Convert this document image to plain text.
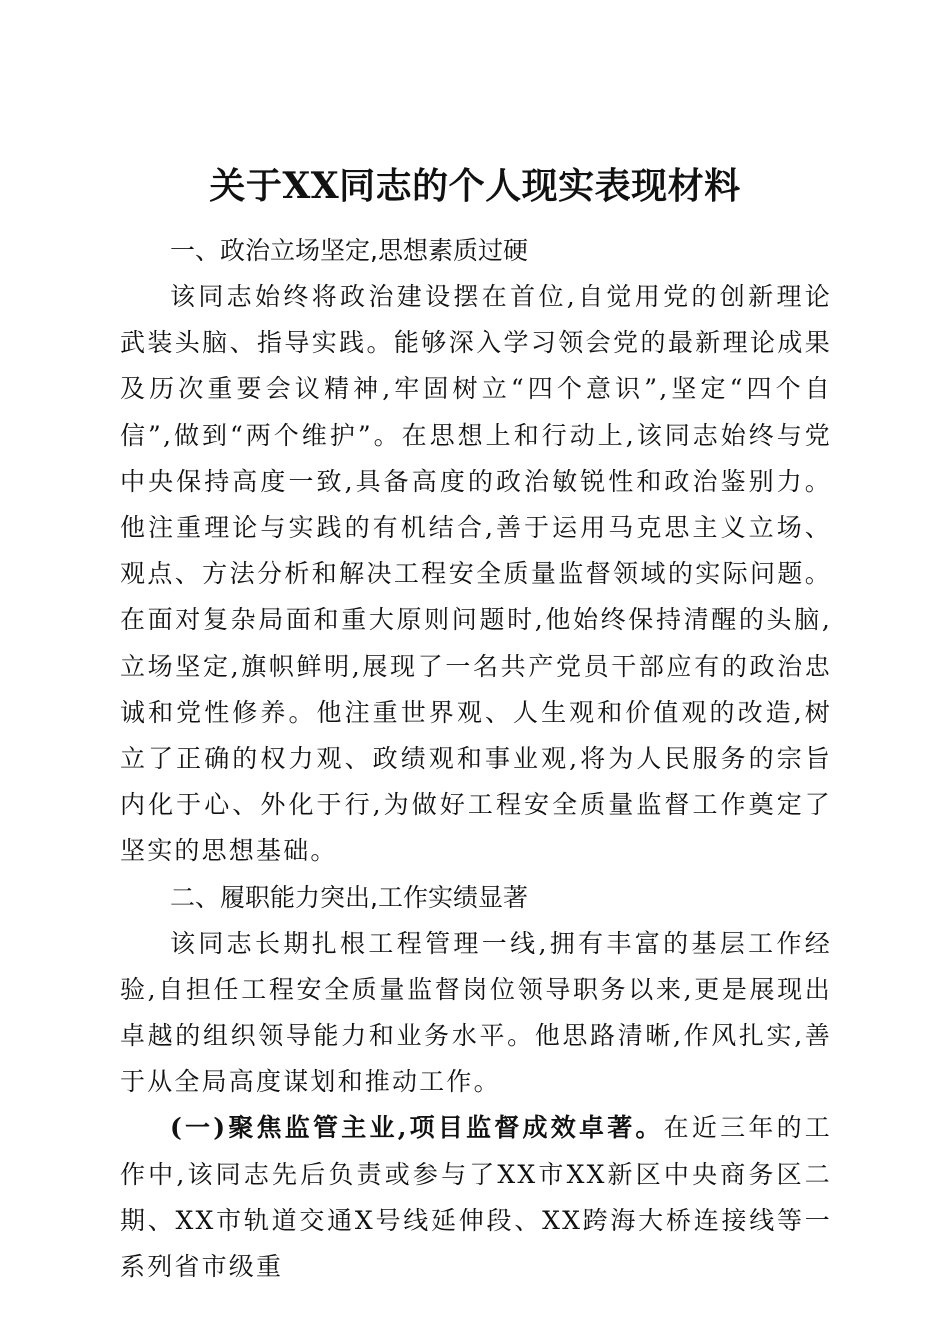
关于XX同志的个人现实表现材料
一、政治立场坚定,思想素质过硬

该同志始终将政治建设摆在首位,自觉用党的创新理论武装头脑、指导实践。能够深入学习领会党的最新理论成果及历次重要会议精神,牢固树立“四个意识”,坚定“四个自信”,做到“两个维护”。在思想上和行动上,该同志始终与党中央保持高度一致,具备高度的政治敏锐性和政治鉴别力。他注重理论与实践的有机结合,善于运用马克思主义立场、观点、方法分析和解决工程安全质量监督领域的实际问题。在面对复杂局面和重大原则问题时,他始终保持清醒的头脑,立场坚定,旗帜鲜明,展现了一名共产党员干部应有的政治忠诚和党性修养。他注重世界观、人生观和价值观的改造,树立了正确的权力观、政绩观和事业观,将为人民服务的宗旨内化于心、外化于行,为做好工程安全质量监督工作奠定了坚实的思想基础。

二、履职能力突出,工作实绩显著

该同志长期扎根工程管理一线,拥有丰富的基层工作经验,自担任工程安全质量监督岗位领导职务以来,更是展现出卓越的组织领导能力和业务水平。他思路清晰,作风扎实,善于从全局高度谋划和推动工作。

(一)聚焦监管主业,项目监督成效卓著。在近三年的工作中,该同志先后负责或参与了XX市XX新区中央商务区二期、XX市轨道交通X号线延伸段、XX跨海大桥连接线等一系列省市级重
